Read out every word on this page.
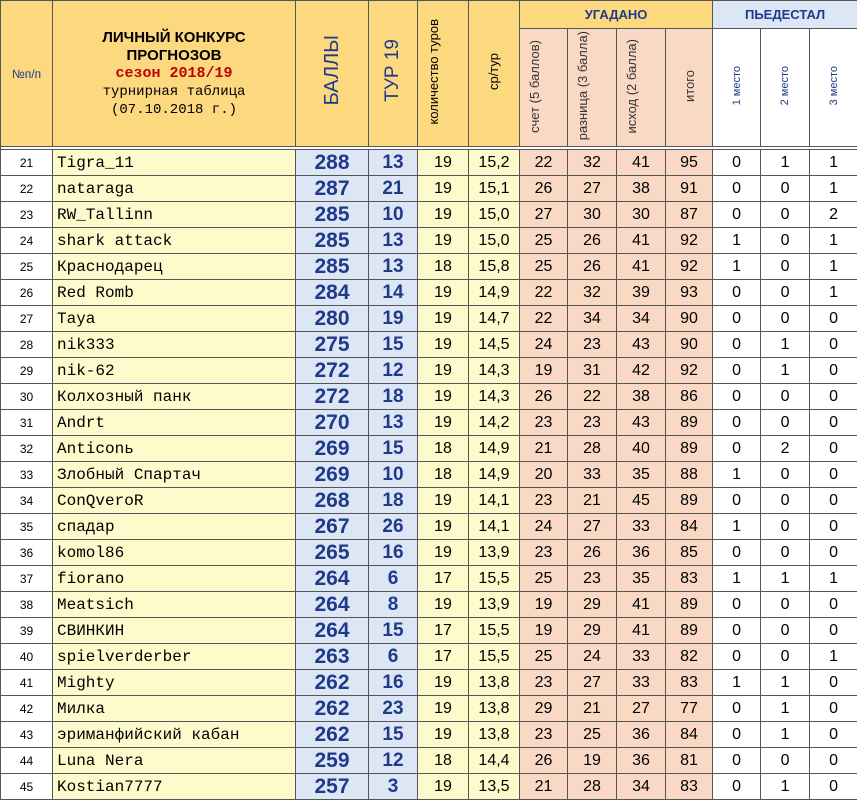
№п/п	ЛИЧНЫЙ КОНКУРС
ПРОГНОЗОВ
сезон 2018/19
турнирная таблица
(07.10.2018 г.)	БАЛЛЫ	ТУР 19	количество туров	ср/тур	УГАДАНО				ПЬЕДЕСТАЛ		
						счет (5 баллов)	разница (3 балла)	исход (2 балла)	итого	1 место	2 место	3 место

21	Tigra_11	288	13	19	15,2	22	32	41	95	0	1	1
22	nataraga	287	21	19	15,1	26	27	38	91	0	0	1
23	RW_Tallinn	285	10	19	15,0	27	30	30	87	0	0	2
24	shark attack	285	13	19	15,0	25	26	41	92	1	0	1
25	Краснодарец	285	13	18	15,8	25	26	41	92	1	0	1
26	Red Romb	284	14	19	14,9	22	32	39	93	0	0	1
27	Taya	280	19	19	14,7	22	34	34	90	0	0	0
28	nik333	275	15	19	14,5	24	23	43	90	0	1	0
29	nik-62	272	12	19	14,3	19	31	42	92	0	1	0
30	Колхозный панк	272	18	19	14,3	26	22	38	86	0	0	0
31	Andrt	270	13	19	14,2	23	23	43	89	0	0	0
32	Anticonь	269	15	18	14,9	21	28	40	89	0	2	0
33	Злобный Спартач	269	10	18	14,9	20	33	35	88	1	0	0
34	ConQveroR	268	18	19	14,1	23	21	45	89	0	0	0
35	спадар	267	26	19	14,1	24	27	33	84	1	0	0
36	komol86	265	16	19	13,9	23	26	36	85	0	0	0
37	fiorano	264	6	17	15,5	25	23	35	83	1	1	1
38	Meatsich	264	8	19	13,9	19	29	41	89	0	0	0
39	СВИНКИН	264	15	17	15,5	19	29	41	89	0	0	0
40	spielverderber	263	6	17	15,5	25	24	33	82	0	0	1
41	Mighty	262	16	19	13,8	23	27	33	83	1	1	0
42	Милка	262	23	19	13,8	29	21	27	77	0	1	0
43	эриманфийский кабан	262	15	19	13,8	23	25	36	84	0	1	0
44	Luna Nera	259	12	18	14,4	26	19	36	81	0	0	0
45	Kostian7777	257	3	19	13,5	21	28	34	83	0	1	0
